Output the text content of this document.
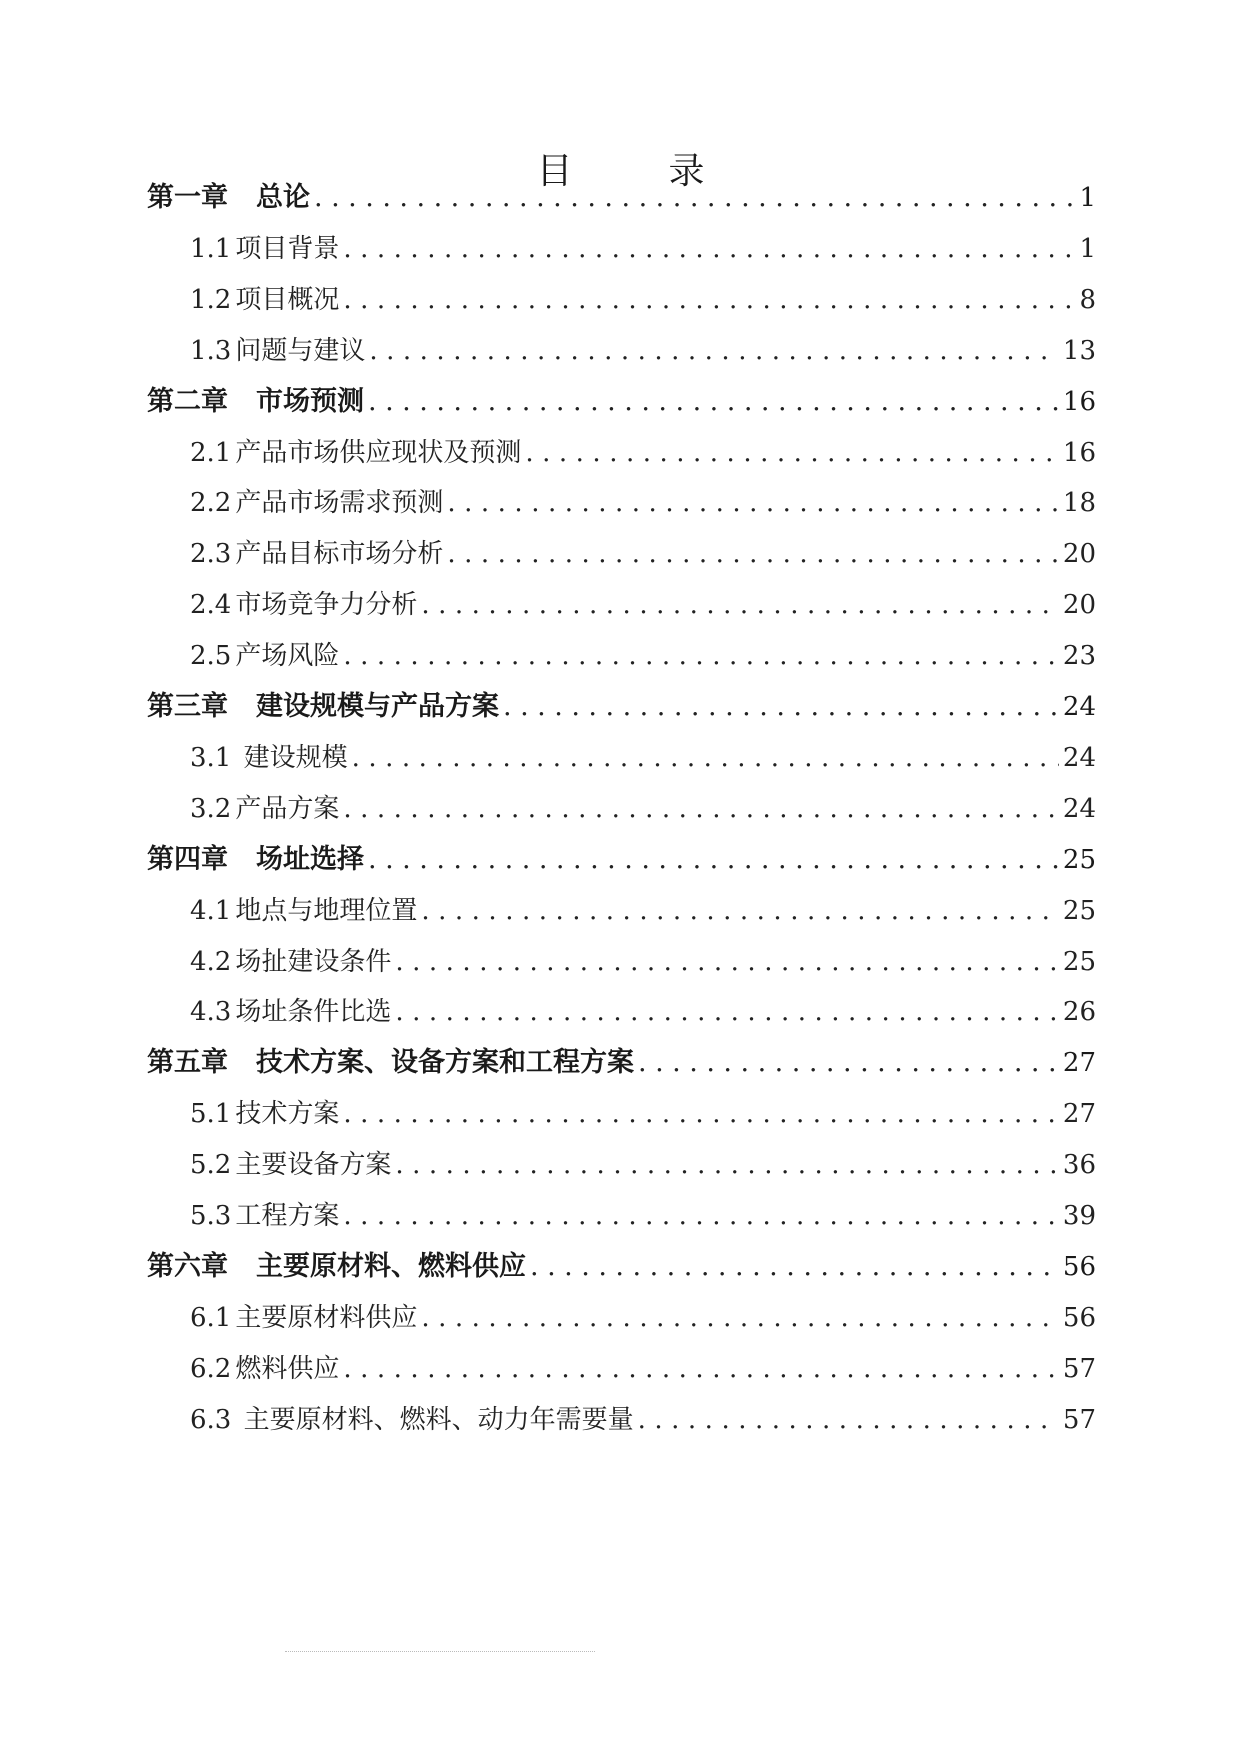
目　录
第一章 总论 .....	1
1.1 项目背景 .....	1
1.2 项目概况 .....	8
1.3 问题与建议 .....	13
第二章 市场预测 .....	16
2.1 产品市场供应现状及预测 .....	16
2.2 产品市场需求预测 .....	18
2.3 产品目标市场分析 .....	20
2.4 市场竞争力分析 .....	20
2.5 产场风险 .....	23
第三章 建设规模与产品方案 .....	24
3.1 建设规模 .....	24
3.2 产品方案 .....	24
第四章 场址选择 .....	25
4.1 地点与地理位置 .....	25
4.2 场扯建设条件 .....	25
4.3 场址条件比选 .....	26
第五章 技术方案、设备方案和工程方案 .....	27
5.1 技术方案 .....	27
5.2 主要设备方案 .....	36
5.3 工程方案 .....	39
第六章 主要原材料、燃料供应 .....	56
6.1 主要原材料供应 .....	56
6.2 燃料供应 .....	57
6.3 主要原材料、燃料、动力年需要量 .....	57
